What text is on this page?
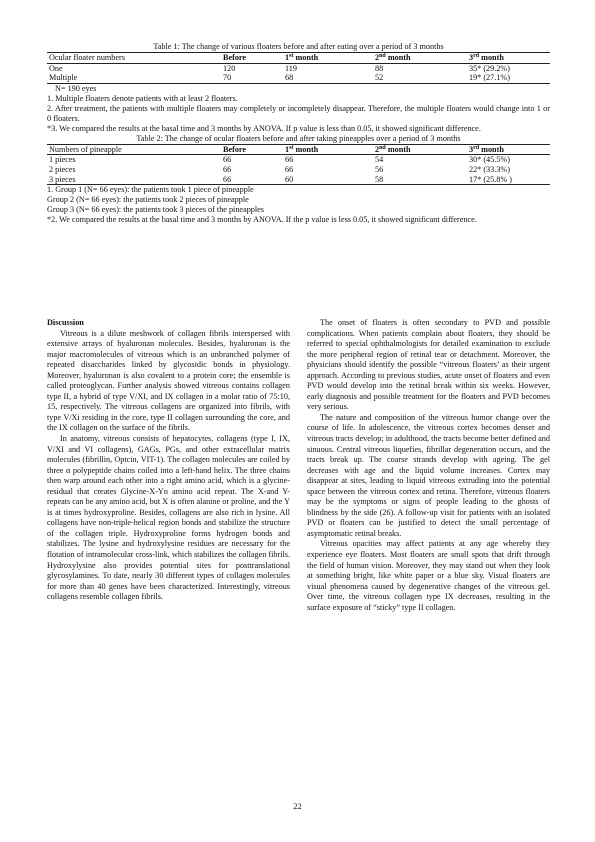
Table 1: The change of various floaters before and after eating over a period of 3 months

Ocular floater numbers	Before	1st month	2nd month	3rd month
One	120	119	88	35* (29.2%)
Multiple	70	68	52	19* (27.1%)

N= 190 eyes

1. Multiple floaters denote patients with at least 2 floaters.

2. After treatment, the patients with multiple floaters may completely or incompletely disappear. Therefore, the multiple floaters would change into 1 or 0 floaters.

*3. We compared the results at the basal time and 3 months by ANOVA. If p value is less than 0.05, it showed significant difference.

Table 2: The change of ocular floaters before and after taking pineapples over a period of 3 months

Numbers of pineapple	Before	1st month	2nd month	3rd month
1 pieces	66	66	54	30* (45.5%)
2 pieces	66	66	56	22* (33.3%)
3 pieces	66	60	58	17* (25.8% )

1. Group 1 (N= 66 eyes): the patients took 1 piece of pineapple

Group 2 (N= 66 eyes): the patients took 2 pieces of pineapple

Group 3 (N= 66 eyes): the patients took 3 pieces of the pineapples

*2. We compared the results at the basal time and 3 months by ANOVA. If the p value is less 0.05, it showed significant difference.

Discussion

Vitreous is a dilute meshwork of collagen fibrils interspersed with extensive arrays of hyaluronan molecules. Besides, hyaluronan is the major macromolecules of vitreous which is an unbranched polymer of repeated disaccharides linked by glycosidic bonds in physiology. Moreover, hyaluronan is also covalent to a protein core; the ensemble is called proteoglycan. Further analysis showed vitreous contains collagen type II, a hybrid of type V/XI, and IX collagen in a molar ratio of 75:10, 15, respectively. The vitreous collagens are organized into fibrils, with type V/Xi residing in the core, type II collagen surrounding the core, and the IX collagen on the surface of the fibrils.

In anatomy, vitreous consists of hepatocytes, collagens (type I, IX, V/XI and VI collagens), GAGs, PGs, and other extracellular matrix molecules (fibrillin, Optcin, VIT-1). The collagen molecules are coiled by three α polypeptide chains coiled into a left-hand helix. The three chains then warp around each other into a right amino acid, which is a glycine-residual that creates Glycine-X-Yn amino acid repeat. The X-and Y-repeats can be any amino acid, but X is often alanine or proline, and the Y is at times hydroxyproline. Besides, collagens are also rich in lysine. All collagens have non-triple-helical region bonds and stabilize the structure of the collagen triple. Hydroxyproline forms hydrogen bonds and stabilizes. The lysine and hydroxylysine residues are necessary for the flotation of intramolecular cross-link, which stabilizes the collagen fibrils. Hydroxylysine also provides potential sites for posttranslational glycosylamines. To date, nearly 30 different types of collagen molecules for more than 40 genes have been characterized. Interestingly, vitreous collagens resemble collagen fibrils.

The onset of floaters is often secondary to PVD and possible complications. When patients complain about floaters, they should be referred to special ophthalmologists for detailed examination to exclude the more peripheral region of retinal tear or detachment. Moreover, the physicians should identify the possible “vitreous floaters’ as their urgent approach. According to previous studies, acute onset of floaters and even PVD would develop into the retinal break within six weeks. However, early diagnosis and possible treatment for the floaters and PVD becomes very serious.

The nature and composition of the vitreous humor change over the course of life. In adolescence, the vitreous cortex becomes denser and vitreous tracts develop; in adulthood, the tracts become better defined and sinuous. Central vitreous liquefies, fibrillar degeneration occurs, and the tracts break up. The coarse strands develop with ageing. The gel decreases with age and the liquid volume increases. Cortex may disappear at sites, leading to liquid vitreous extruding into the potential space between the vitreous cortex and retina. Therefore, vitreous floaters may be the symptoms or signs of people leading to the ghosts of blindness by the side (26). A follow-up visit for patients with an isolated PVD or floaters can be justified to detect the small percentage of asymptomatic retinal breaks.

Vitreous opacities may affect patients at any age whereby they experience eye floaters. Most floaters are small spots that drift through the field of human vision. Moreover, they may stand out when they look at something bright, like white paper or a blue sky. Visual floaters are visual phenomena caused by degenerative changes of the vitreous gel. Over time, the vitreous collagen type IX decreases, resulting in the surface exposure of “sticky” type II collagen.

22
